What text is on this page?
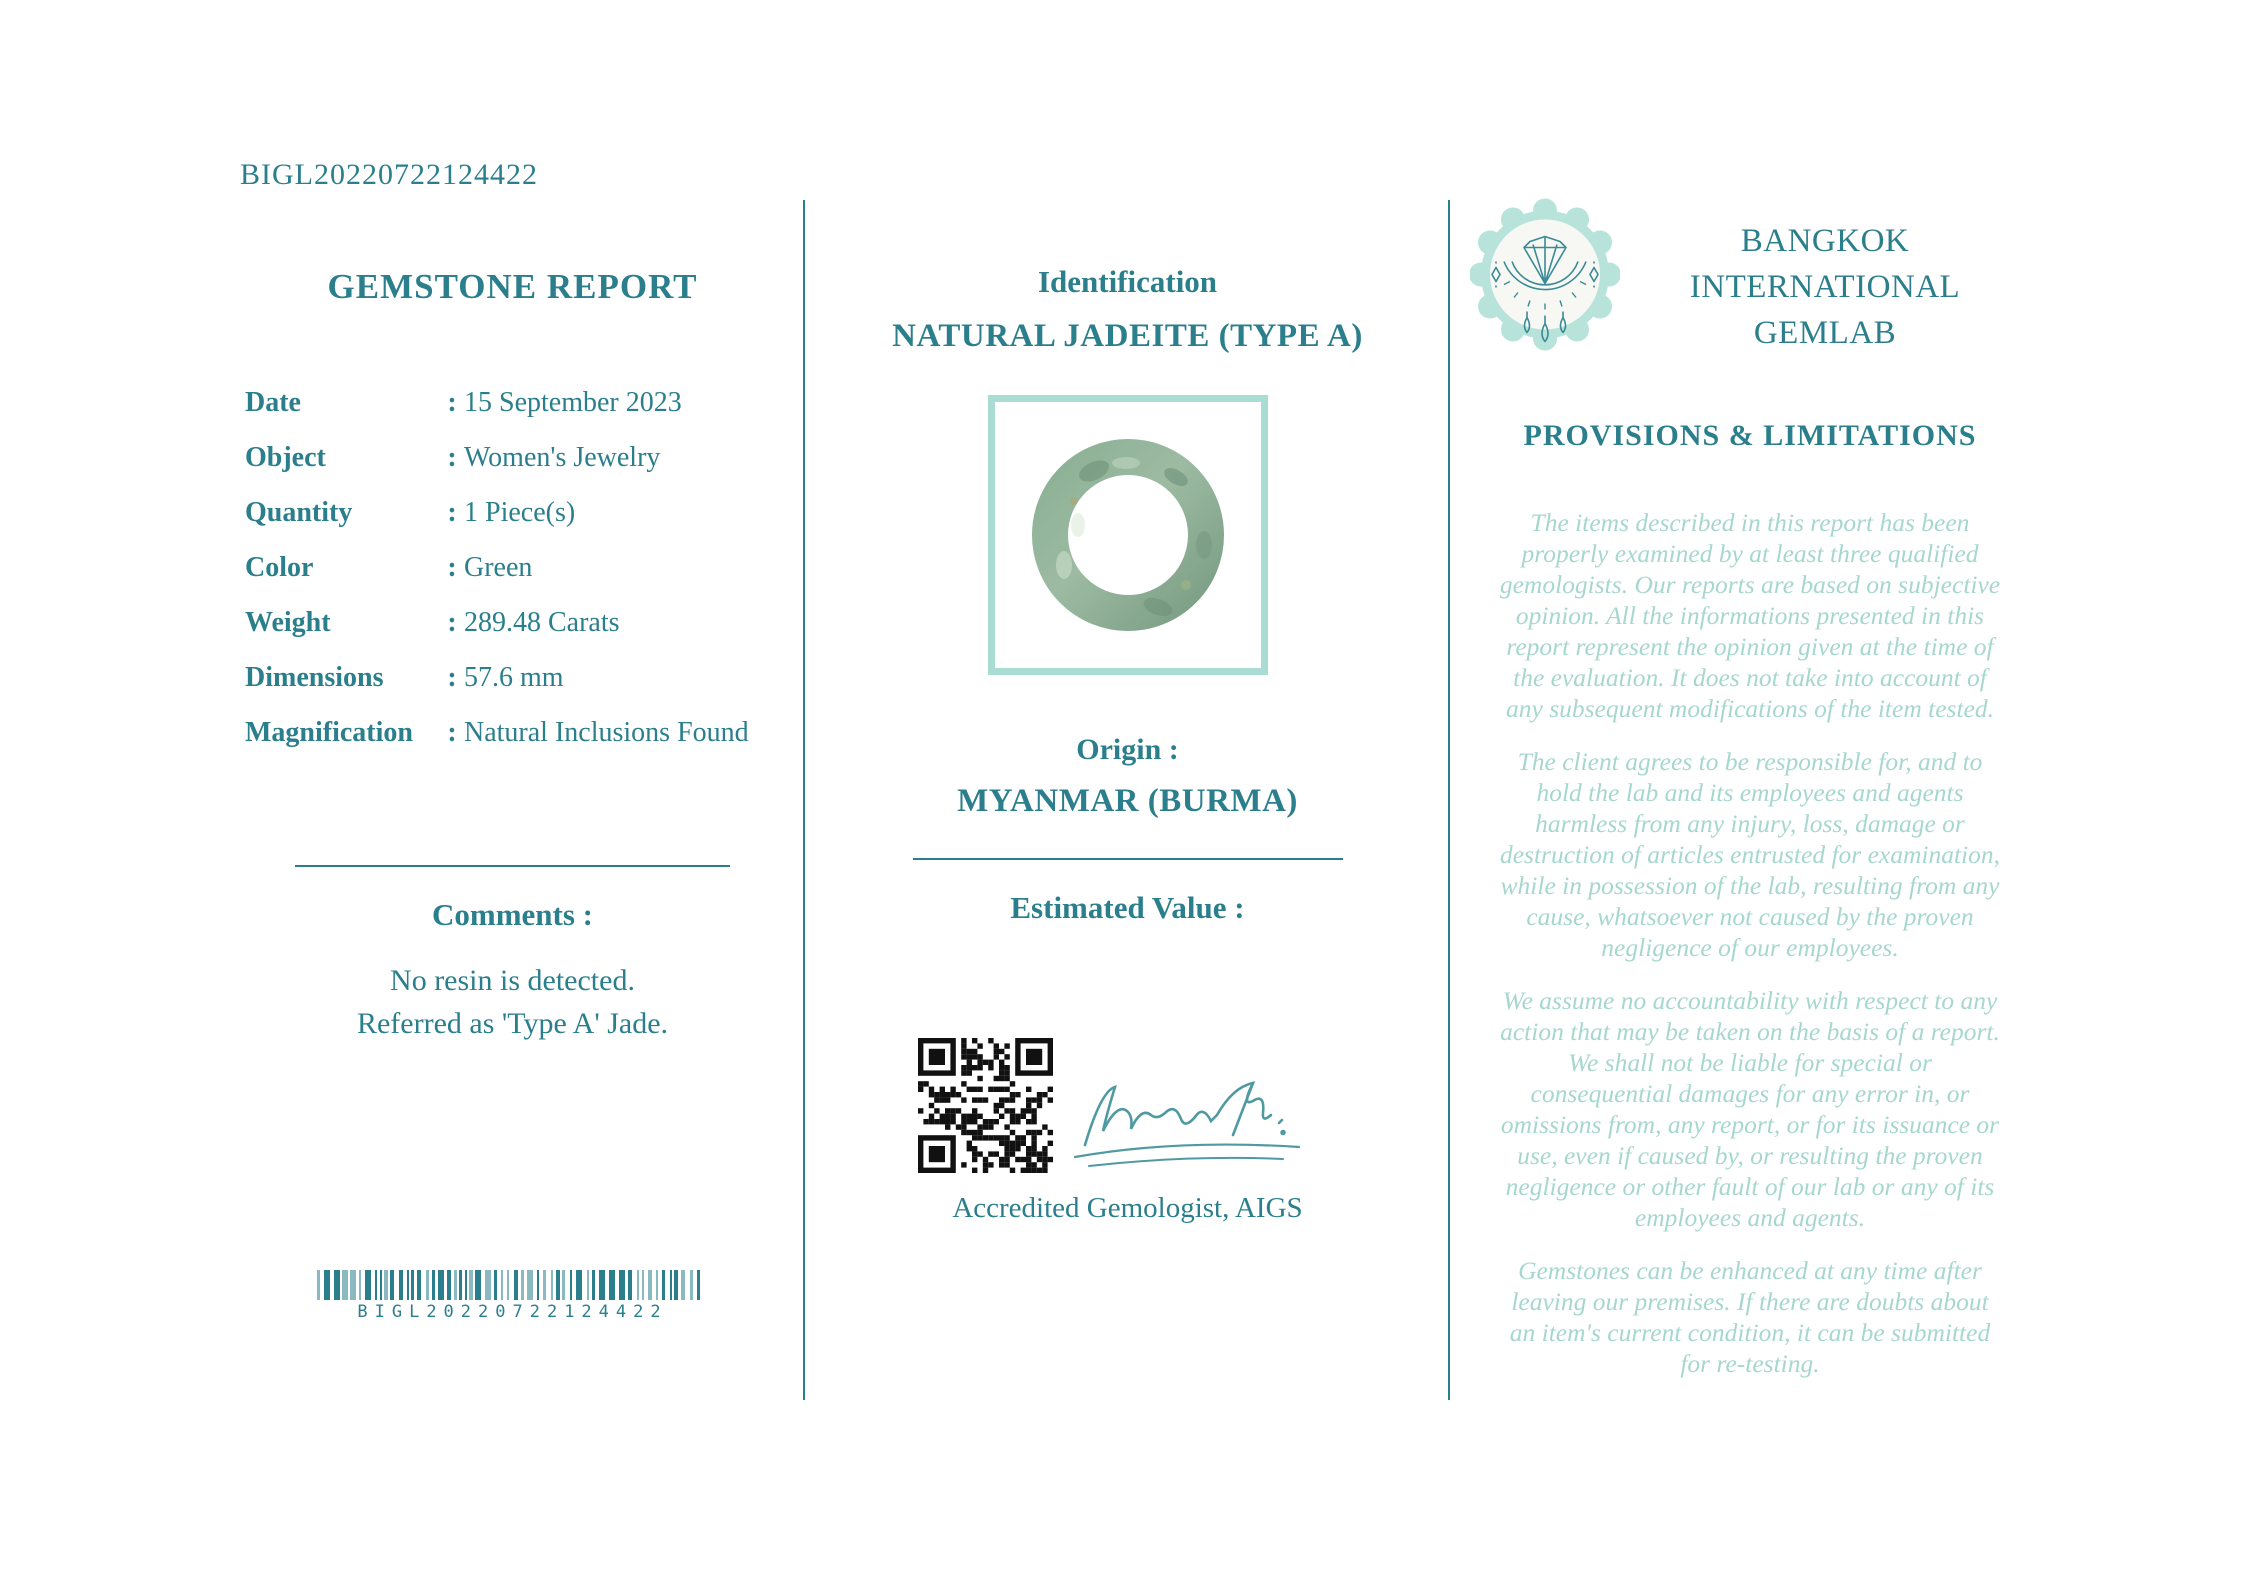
BIGL20220722124422
GEMSTONE REPORT
Date	: 15 September 2023
Object	: Women's Jewelry
Quantity	: 1 Piece(s)
Color	: Green
Weight	: 289.48 Carats
Dimensions	: 57.6 mm
Magnification	: Natural Inclusions Found
Comments :

No resin is detected.

Referred as 'Type A' Jade.

BIGL20220722124422
Identification
NATURAL JADEITE (TYPE A)
Origin :
MYANMAR (BURMA)
Estimated Value :

Accredited Gemologist, AIGS

BANGKOK INTERNATIONAL GEMLAB
PROVISIONS & LIMITATIONS

The items described in this report has been properly examined by at least three qualified gemologists. Our reports are based on subjective opinion. All the informations presented in this report represent the opinion given at the time of the evaluation. It does not take into account of any subsequent modifications of the item tested.

The client agrees to be responsible for, and to hold the lab and its employees and agents harmless from any injury, loss, damage or destruction of articles entrusted for examination, while in possession of the lab, resulting from any cause, whatsoever not caused by the proven negligence of our employees.

We assume no accountability with respect to any action that may be taken on the basis of a report. We shall not be liable for special or consequential damages for any error in, or omissions from, any report, or for its issuance or use, even if caused by, or resulting the proven negligence or other fault of our lab or any of its employees and agents.

Gemstones can be enhanced at any time after leaving our premises. If there are doubts about an item's current condition, it can be submitted for re-testing.
